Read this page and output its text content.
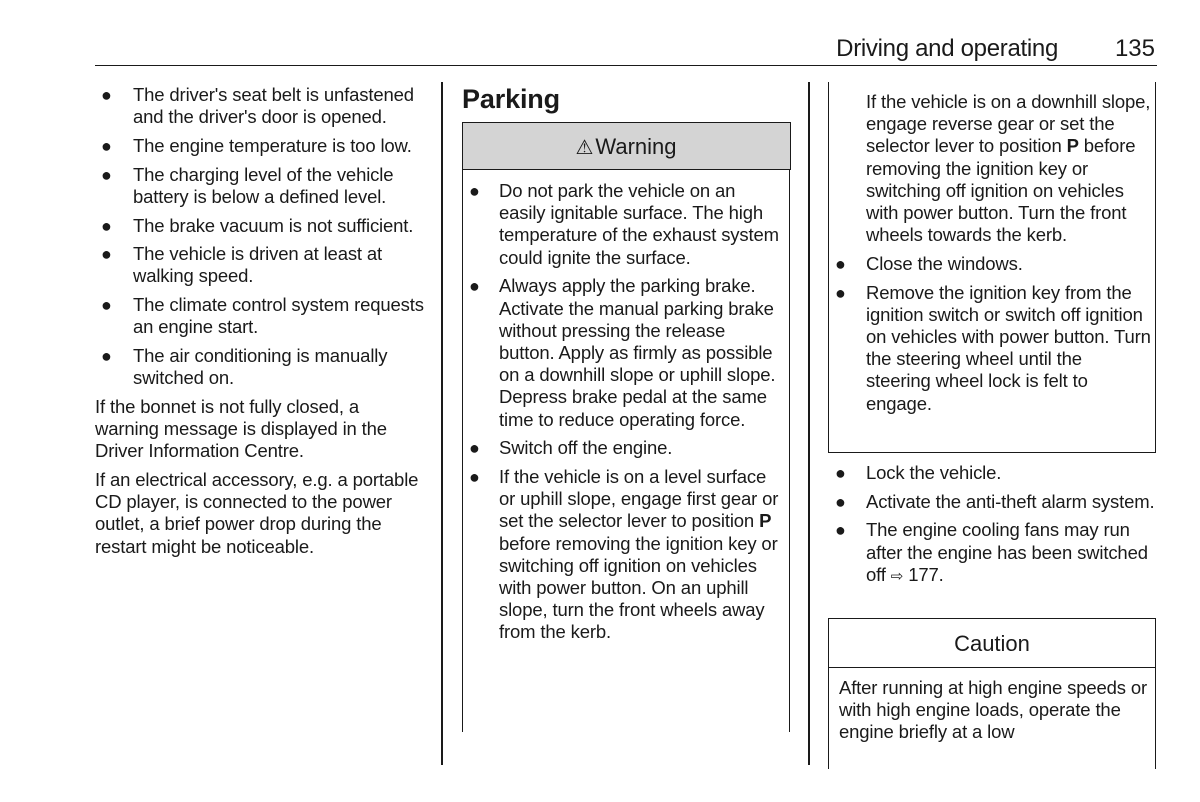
Driving and operating 135
● The driver's seat belt is unfastened and the driver's door is opened.
● The engine temperature is too low.
● The charging level of the vehicle battery is below a defined level.
● The brake vacuum is not sufficient.
● The vehicle is driven at least at walking speed.
● The climate control system requests an engine start.
● The air conditioning is manually switched on.

If the bonnet is not fully closed, a warning message is displayed in the Driver Information Centre.

If an electrical accessory, e.g. a portable CD player, is connected to the power outlet, a brief power drop during the restart might be noticeable.

Parking
⚠Warning
● Do not park the vehicle on an easily ignitable surface. The high temperature of the exhaust system could ignite the surface.
● Always apply the parking brake. Activate the manual parking brake without pressing the release button. Apply as firmly as possible on a downhill slope or uphill slope. Depress brake pedal at the same time to reduce operating force.
● Switch off the engine.
● If the vehicle is on a level surface or uphill slope, engage first gear or set the selector lever to position P before removing the ignition key or switching off ignition on vehicles with power button. On an uphill slope, turn the front wheels away from the kerb.

If the vehicle is on a downhill slope, engage reverse gear or set the selector lever to position P before removing the ignition key or switching off ignition on vehicles with power button. Turn the front wheels towards the kerb.

● Close the windows.
● Remove the ignition key from the ignition switch or switch off ignition on vehicles with power button. Turn the steering wheel until the steering wheel lock is felt to engage.
● Lock the vehicle.
● Activate the anti-theft alarm system.
● The engine cooling fans may run after the engine has been switched off ⇨ 177.
Caution
After running at high engine speeds or with high engine loads, operate the engine briefly at a low
